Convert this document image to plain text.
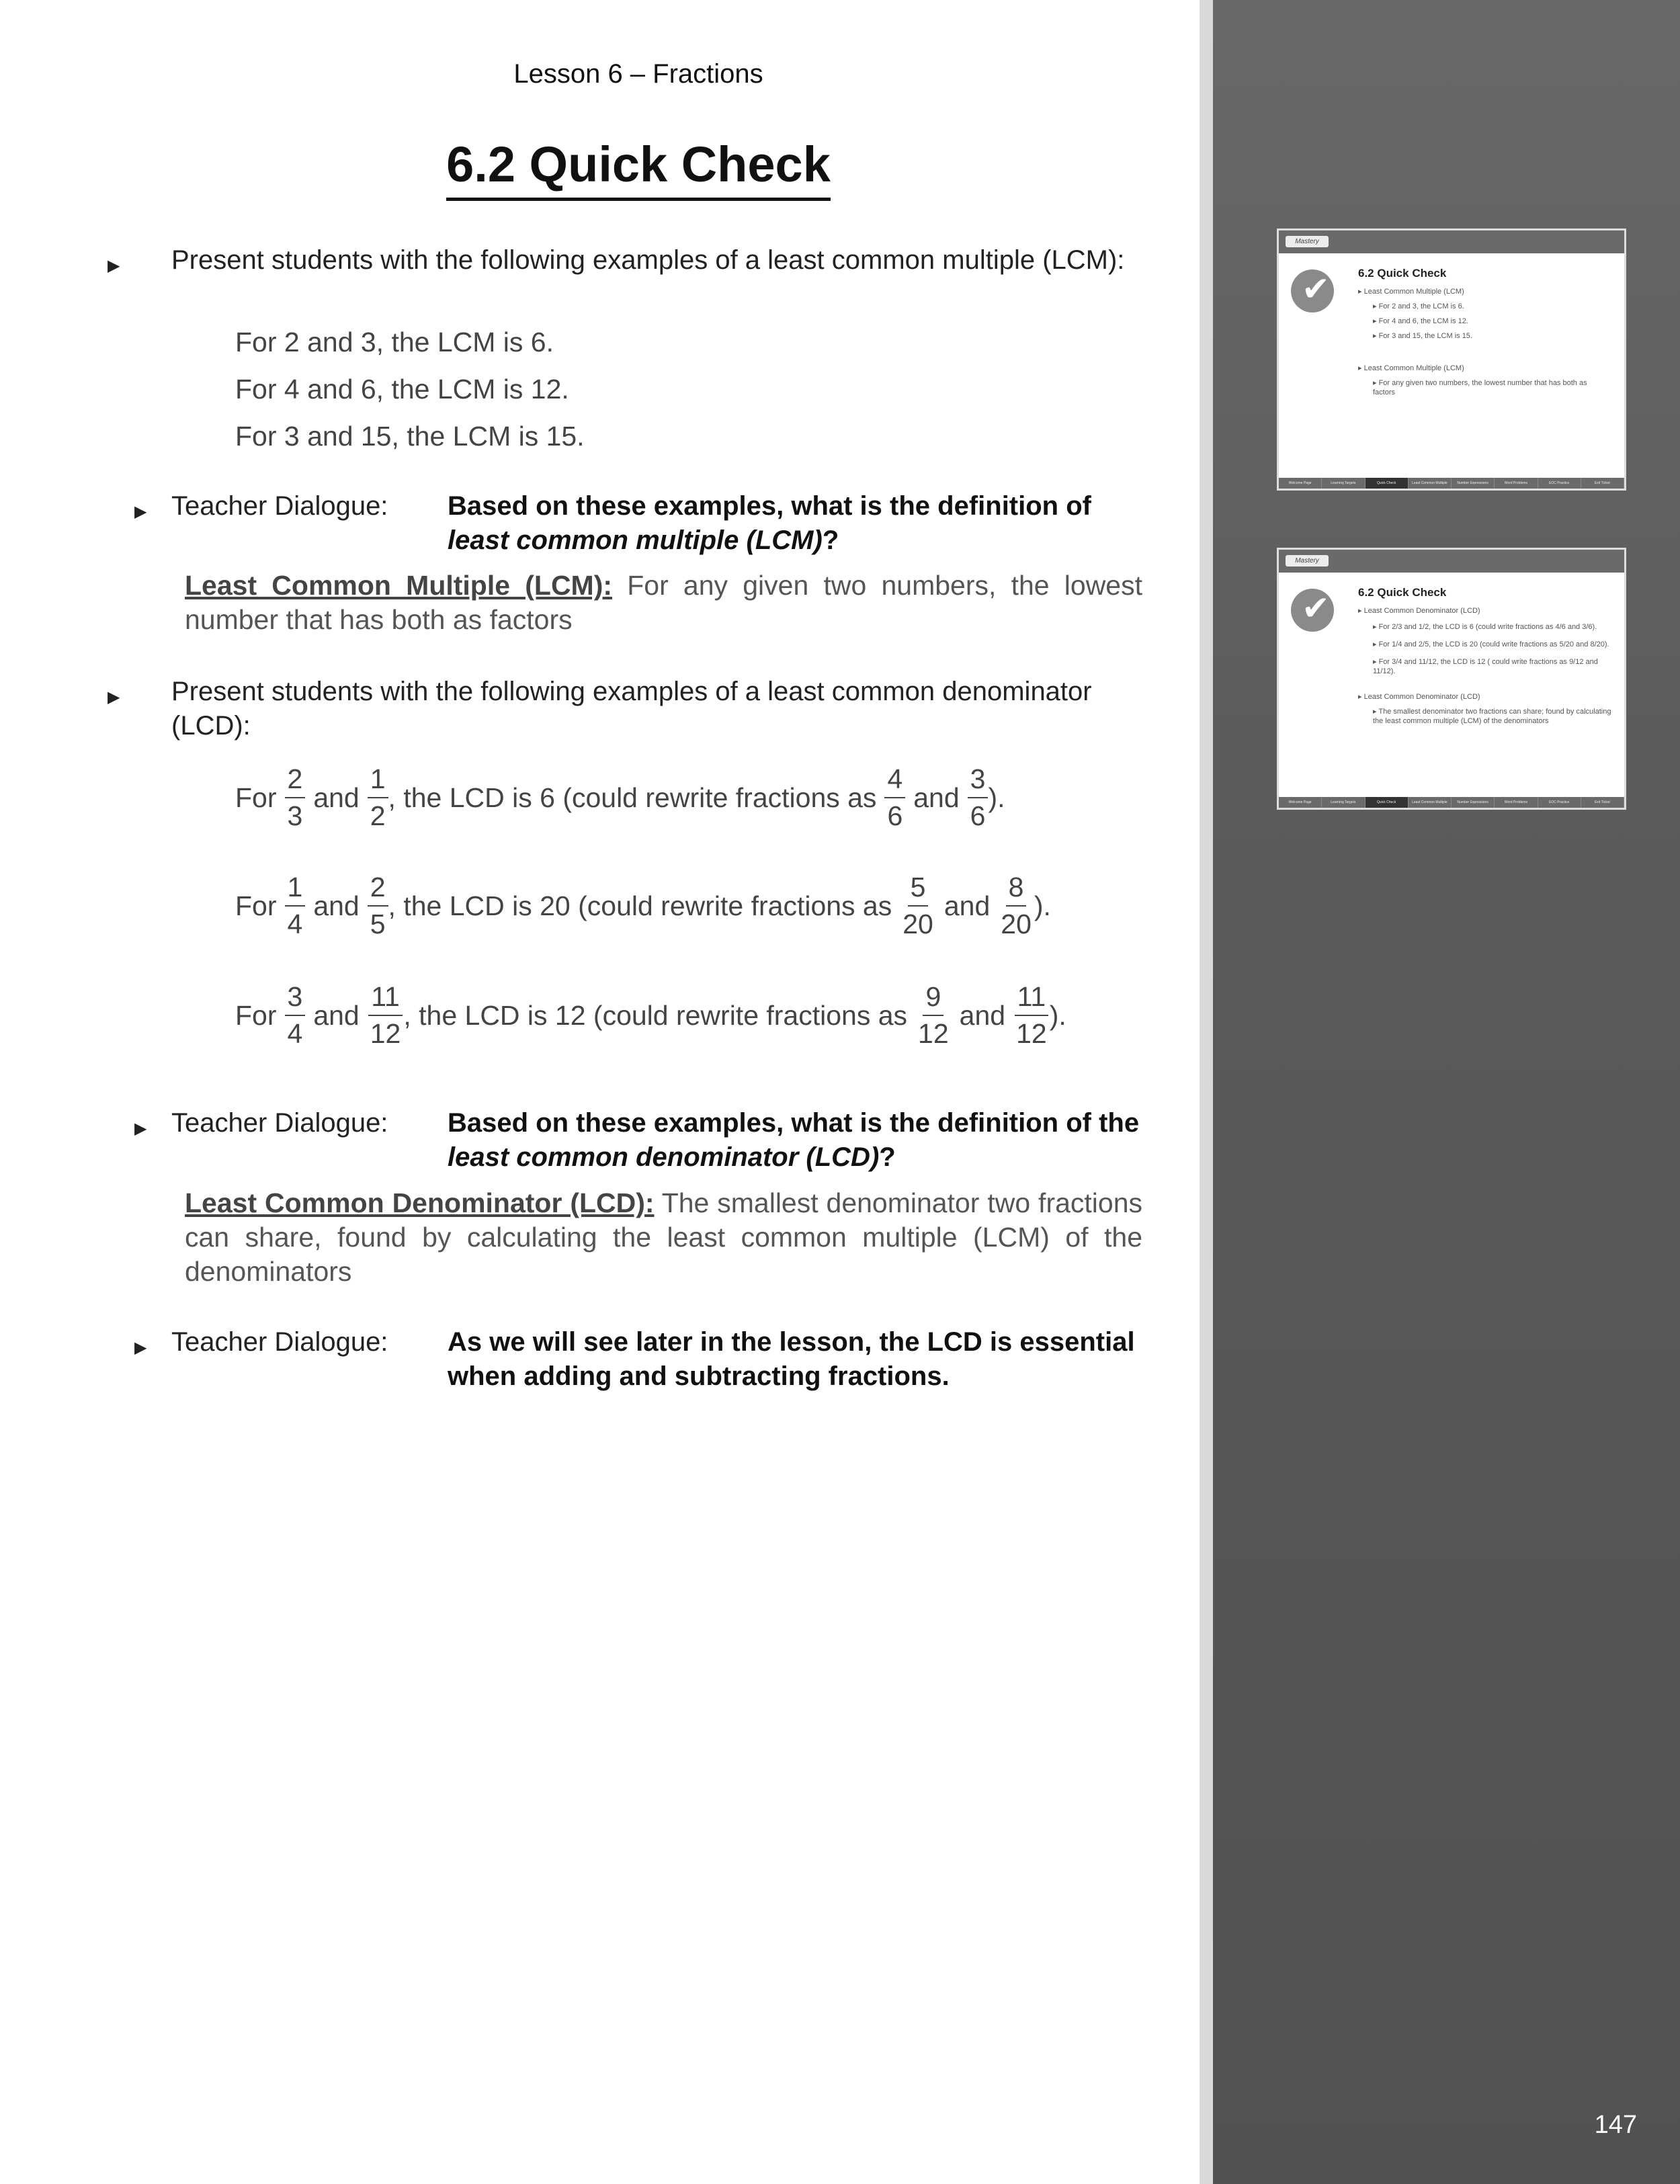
Lesson 6 – Fractions
6.2 Quick Check
▶	Present students with the following examples of a least common multiple (LCM):
For 2 and 3, the LCM is 6.
For 4 and 6, the LCM is 12.
For 3 and 15, the LCM is 15.
▶ Teacher Dialogue: Based on these examples, what is the definition of least common multiple (LCM)?
Least Common Multiple (LCM): For any given two numbers, the lowest number that has both as factors
▶	Present students with the following examples of a least common denominator (LCD):
For $\frac{2}{3}$ and $\frac{1}{2}$ , the LCD is 6 (could rewrite fractions as $\frac{4}{6}$ and $\frac{3}{6}$ ).
For $\frac{1}{4}$ and $\frac{2}{5}$ , the LCD is 20 (could rewrite fractions as $\frac{5}{20}$ and $\frac{8}{20}$ ).
For $\frac{3}{4}$ and $\frac{11}{12}$ , the LCD is 12 (could rewrite fractions as $\frac{9}{12}$ and $\frac{11}{12}$ ).
▶ Teacher Dialogue: Based on these examples, what is the definition of the least common denominator (LCD)?
Least Common Denominator (LCD): The smallest denominator two fractions can share, found by calculating the least common multiple (LCM) of the denominators
▶ Teacher Dialogue: As we will see later in the lesson, the LCD is essential when adding and subtracting fractions.
147
Mastery
✔	6.2 Quick Check
▸ Least Common Multiple (LCM)
▸ For 2 and 3, the LCM is 6.
▸ For 4 and 6, the LCM is 12.
▸ For 3 and 15, the LCM is 15.
▸ Least Common Multiple (LCM)
▸ For any given two numbers, the lowest number that has both as factors
Welcome Page	Learning Targets	Quick Check	Least Common Multiple	Number Expressions	Word Problems	EOC Practice	Exit Ticket
Mastery
✔	6.2 Quick Check
▸ Least Common Denominator (LCD)
▸ For 2/3 and 1/2, the LCD is 6 (could write fractions as 4/6 and 3/6).
▸ For 1/4 and 2/5, the LCD is 20 (could write fractions as 5/20 and 8/20).
▸ For 3/4 and 11/12, the LCD is 12 ( could write fractions as 9/12 and 11/12).
▸ Least Common Denominator (LCD)
▸ The smallest denominator two fractions can share; found by calculating the least common multiple (LCM) of the denominators
Welcome Page	Learning Targets	Quick Check	Least Common Multiple	Number Expressions	Word Problems	EOC Practice	Exit Ticket
